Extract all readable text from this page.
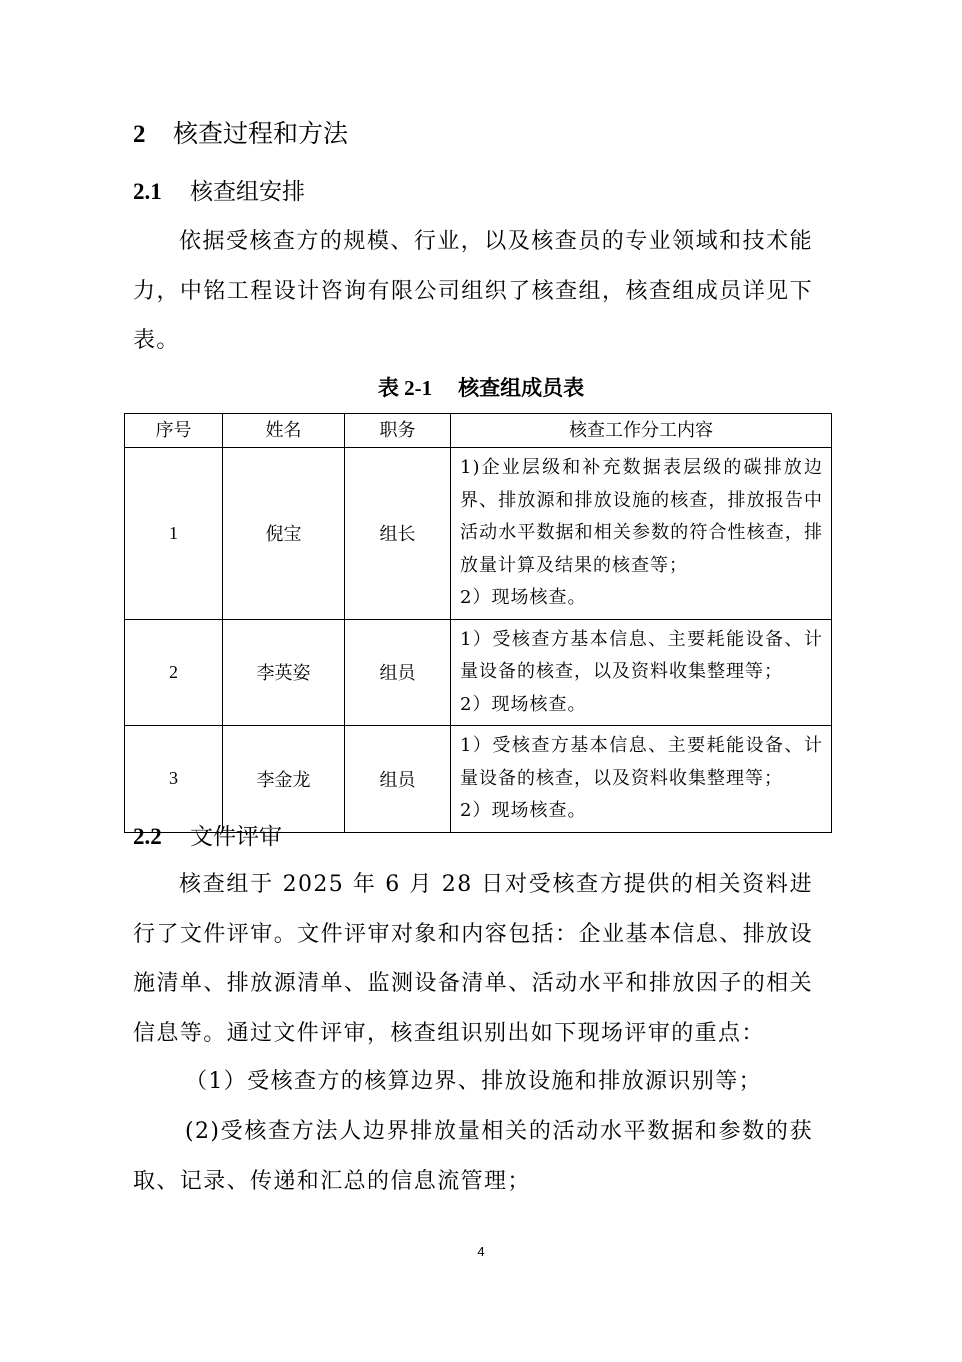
2 核查过程和方法
2.1 核查组安排

依据受核查方的规模、行业，以及核查员的专业领域和技术能力，中铭工程设计咨询有限公司组织了核查组，核查组成员详见下表。

表 2-1 核查组成员表
序号	姓名	职务	核查工作分工内容
1	倪宝	组长	1)企业层级和补充数据表层级的碳排放边界、排放源和排放设施的核查，排放报告中活动水平数据和相关参数的符合性核查，排放量计算及结果的核查等；
2）现场核查。

2	李英姿	组员	1）受核查方基本信息、主要耗能设备、计量设备的核查，以及资料收集整理等；
2）现场核查。

3	李金龙	组员	1）受核查方基本信息、主要耗能设备、计量设备的核查，以及资料收集整理等；
2）现场核查。
2.2 文件评审

核查组于 2025 年 6 月 28 日对受核查方提供的相关资料进行了文件评审。文件评审对象和内容包括：企业基本信息、排放设施清单、排放源清单、监测设备清单、活动水平和排放因子的相关信息等。通过文件评审，核查组识别出如下现场评审的重点：

（1）受核查方的核算边界、排放设施和排放源识别等；

(2)受核查方法人边界排放量相关的活动水平数据和参数的获取、记录、传递和汇总的信息流管理；

4
